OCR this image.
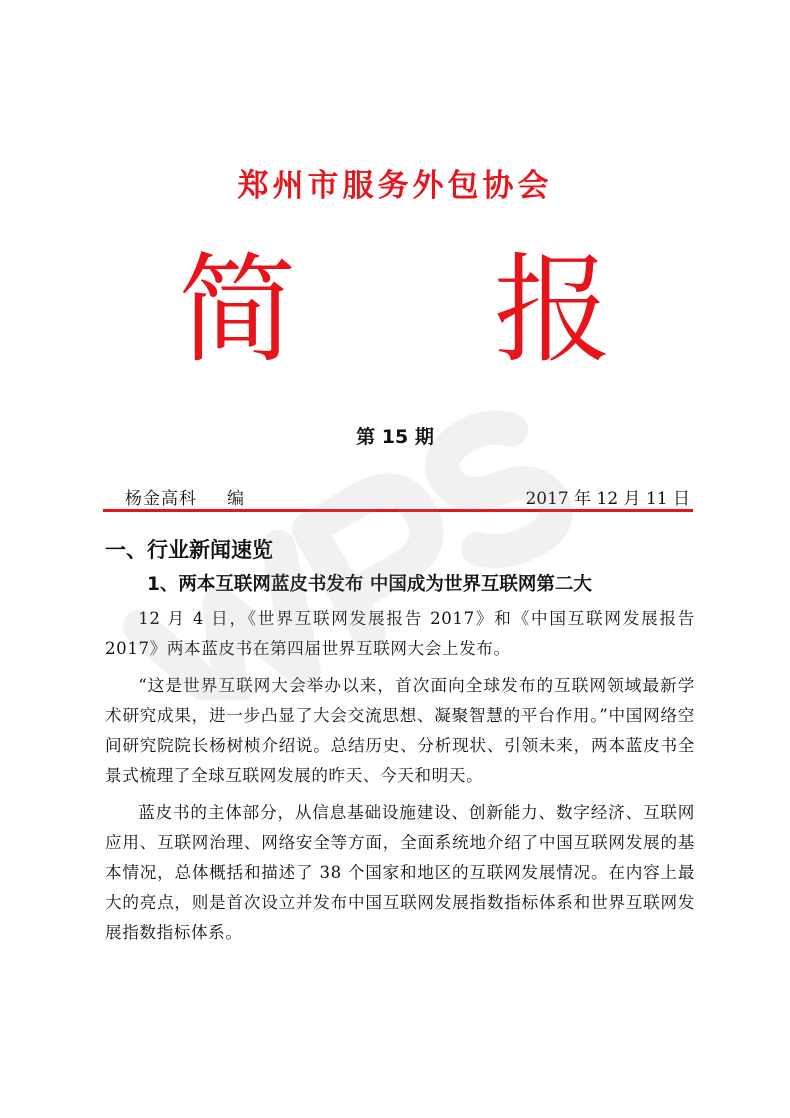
郑州市服务外包协会
简 报
第 15 期
杨金高科 编	2017 年 12 月 11 日
一、行业新闻速览
1、两本互联网蓝皮书发布 中国成为世界互联网第二大

12 月 4 日，《世界互联网发展报告 2017》和《中国互联网发展报告 2017》两本蓝皮书在第四届世界互联网大会上发布。

“这是世界互联网大会举办以来，首次面向全球发布的互联网领域最新学术研究成果，进一步凸显了大会交流思想、凝聚智慧的平台作用。”中国网络空间研究院院长杨树桢介绍说。总结历史、分析现状、引领未来，两本蓝皮书全景式梳理了全球互联网发展的昨天、今天和明天。

蓝皮书的主体部分，从信息基础设施建设、创新能力、数字经济、互联网应用、互联网治理、网络安全等方面，全面系统地介绍了中国互联网发展的基本情况，总体概括和描述了 38 个国家和地区的互联网发展情况。在内容上最大的亮点，则是首次设立并发布中国互联网发展指数指标体系和世界互联网发展指数指标体系。
